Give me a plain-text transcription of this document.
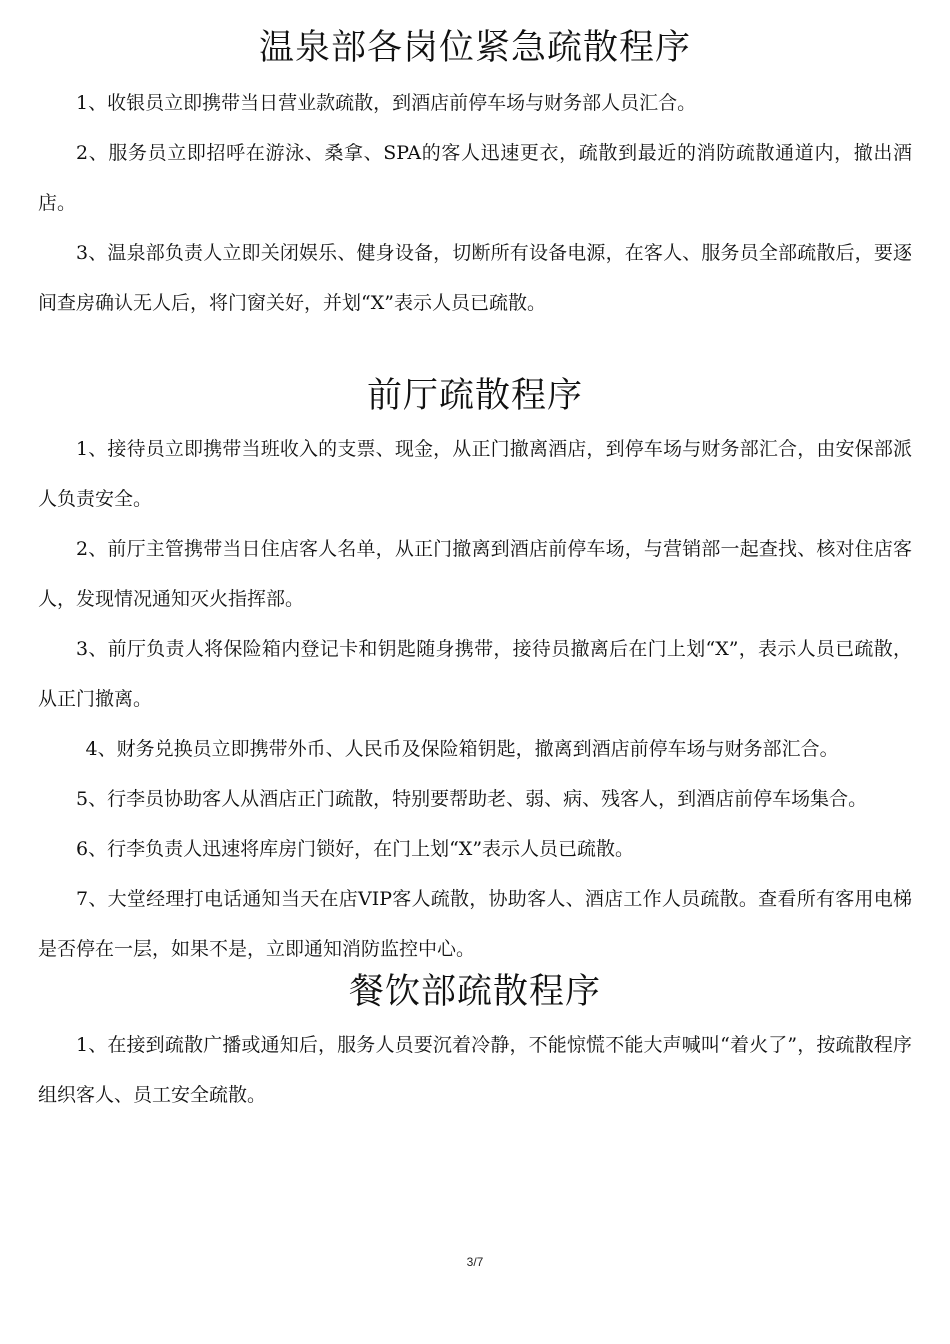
温泉部各岗位紧急疏散程序

1、收银员立即携带当日营业款疏散，到酒店前停车场与财务部人员汇合。

2、服务员立即招呼在游泳、桑拿、SPA的客人迅速更衣，疏散到最近的消防疏散通道内，撤出酒店。

3、温泉部负责人立即关闭娱乐、健身设备，切断所有设备电源，在客人、服务员全部疏散后，要逐间查房确认无人后，将门窗关好，并划“X”表示人员已疏散。

前厅疏散程序

1、接待员立即携带当班收入的支票、现金，从正门撤离酒店，到停车场与财务部汇合，由安保部派人负责安全。

2、前厅主管携带当日住店客人名单，从正门撤离到酒店前停车场，与营销部一起查找、核对住店客人，发现情况通知灭火指挥部。

3、前厅负责人将保险箱内登记卡和钥匙随身携带，接待员撤离后在门上划“X”，表示人员已疏散，从正门撤离。

4、财务兑换员立即携带外币、人民币及保险箱钥匙，撤离到酒店前停车场与财务部汇合。

5、行李员协助客人从酒店正门疏散，特别要帮助老、弱、病、残客人，到酒店前停车场集合。

6、行李负责人迅速将库房门锁好，在门上划“X”表示人员已疏散。

7、大堂经理打电话通知当天在店VIP客人疏散，协助客人、酒店工作人员疏散。查看所有客用电梯是否停在一层，如果不是，立即通知消防监控中心。

餐饮部疏散程序

1、在接到疏散广播或通知后，服务人员要沉着冷静，不能惊慌不能大声喊叫“着火了”，按疏散程序组织客人、员工安全疏散。

3/7
